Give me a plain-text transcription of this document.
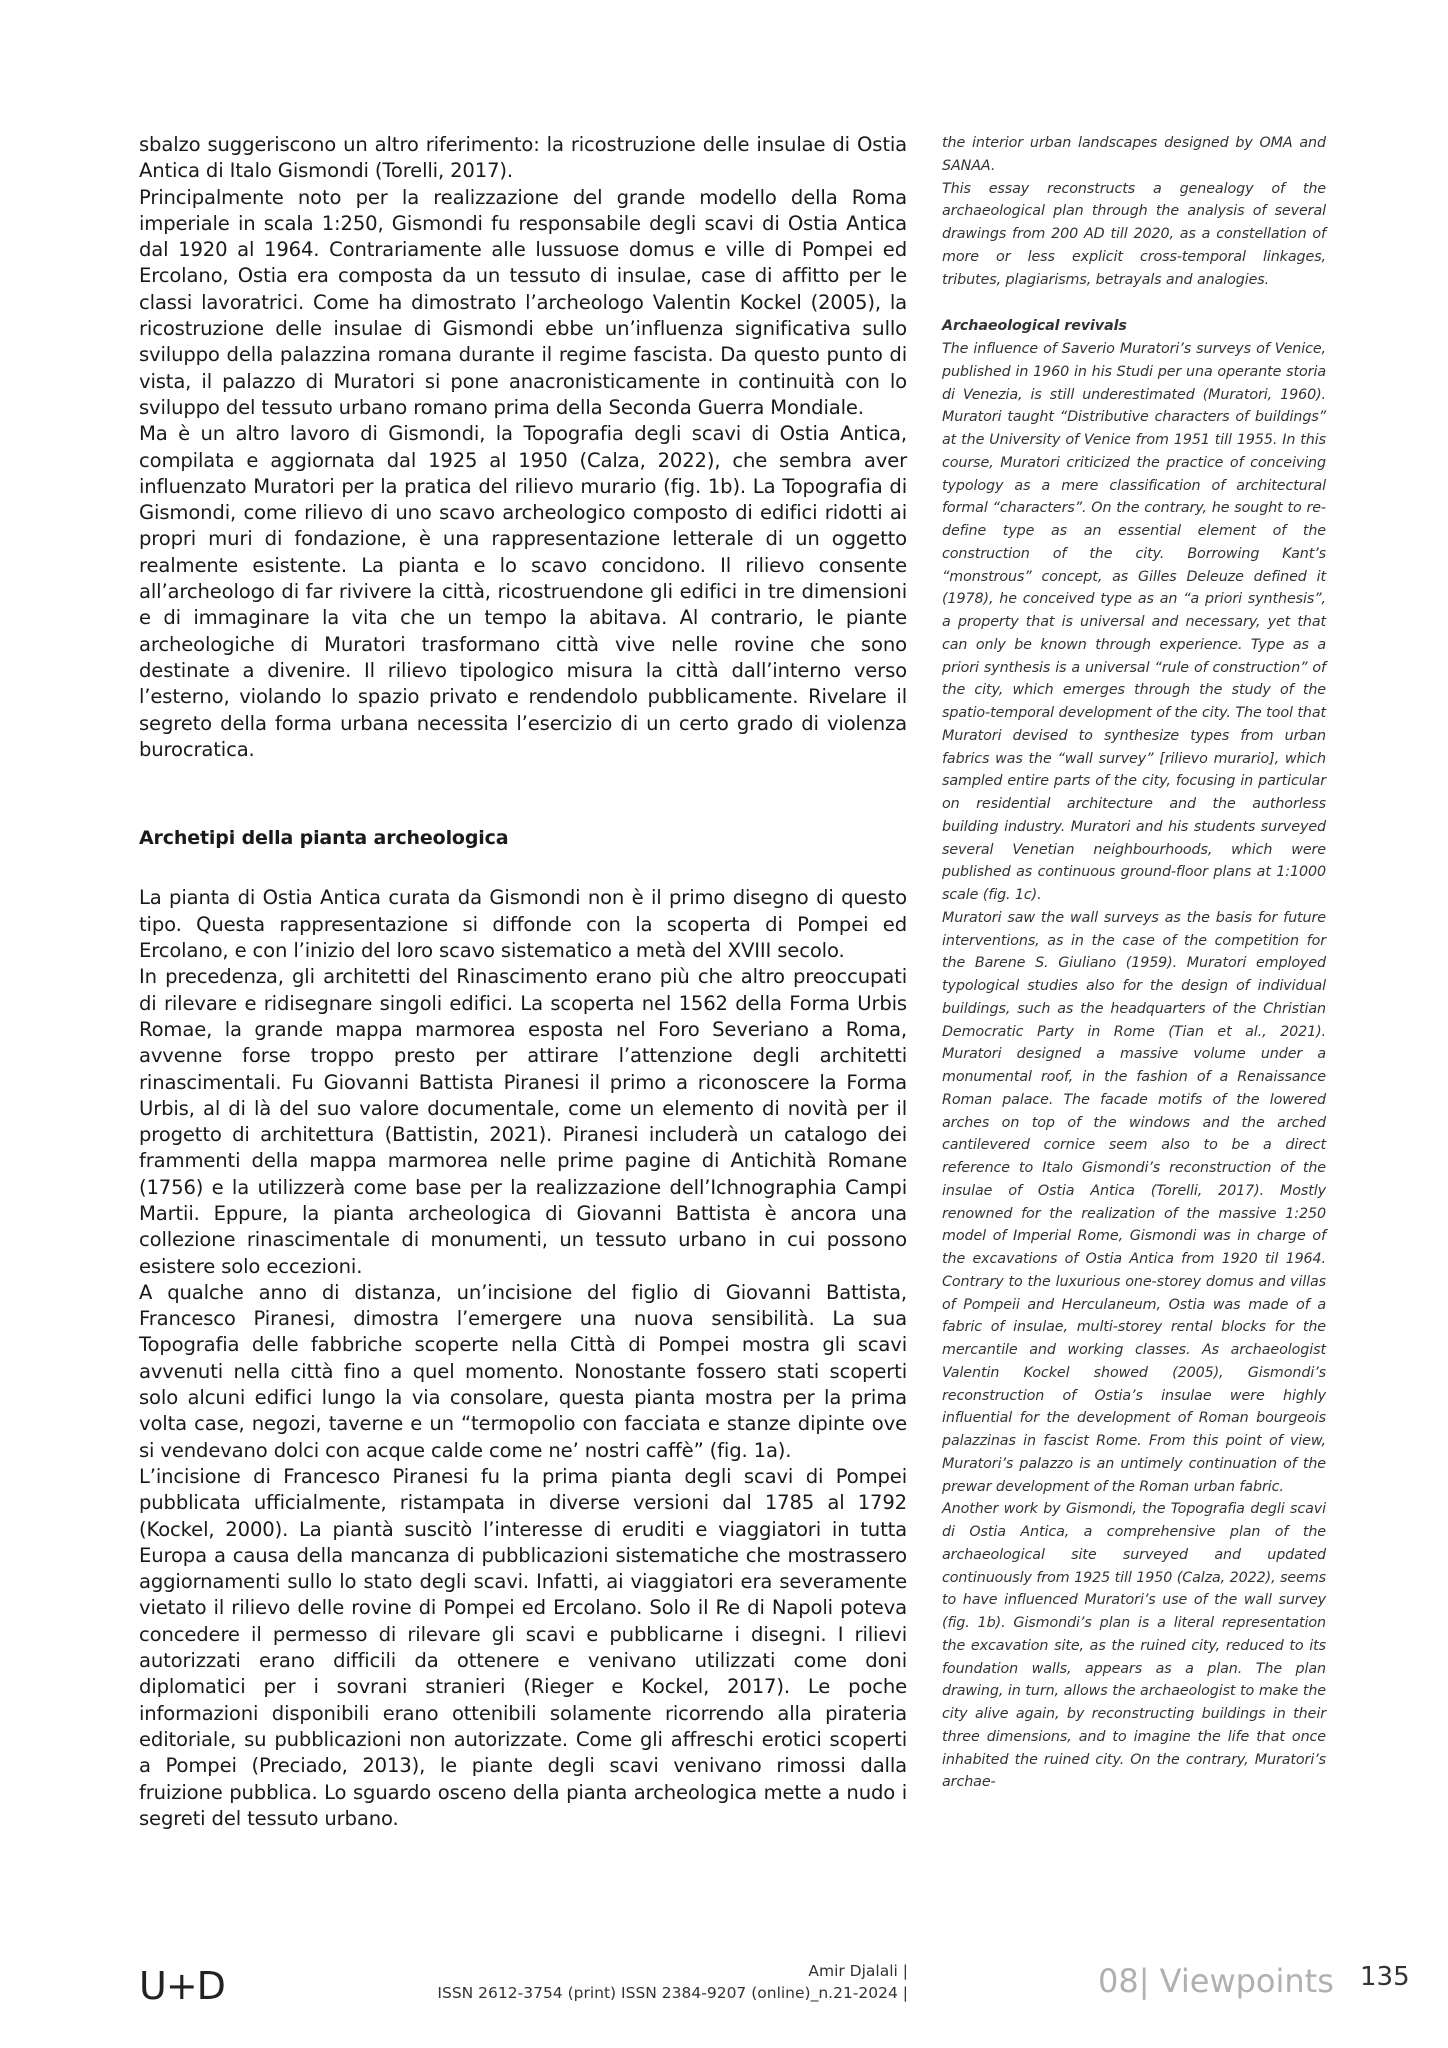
sbalzo suggeriscono un altro riferimento: la ricostruzione delle insulae di Ostia Antica di Italo Gismondi (Torelli, 2017).

Principalmente noto per la realizzazione del grande modello della Roma imperiale in scala 1:250, Gismondi fu responsabile degli scavi di Ostia Antica dal 1920 al 1964. Contrariamente alle lussuose domus e ville di Pompei ed Ercolano, Ostia era composta da un tessuto di insulae, case di affitto per le classi lavoratrici. Come ha dimostrato l’archeologo Valentin Kockel (2005), la ricostruzione delle insulae di Gismondi ebbe un’influenza significativa sullo sviluppo della palazzina romana durante il regime fascista. Da questo punto di vista, il palazzo di Muratori si pone anacronisticamente in continuità con lo sviluppo del tessuto urbano romano prima della Seconda Guerra Mondiale.

Ma è un altro lavoro di Gismondi, la Topografia degli scavi di Ostia Antica, compilata e aggiornata dal 1925 al 1950 (Calza, 2022), che sembra aver influenzato Muratori per la pratica del rilievo murario (fig. 1b). La Topografia di Gismondi, come rilievo di uno scavo archeologico composto di edifici ridotti ai propri muri di fondazione, è una rappresentazione letterale di un oggetto realmente esistente. La pianta e lo scavo concidono. Il rilievo consente all’archeologo di far rivivere la città, ricostruendone gli edifici in tre dimensioni e di immaginare la vita che un tempo la abitava. Al contrario, le piante archeologiche di Muratori trasformano città vive nelle rovine che sono destinate a divenire. Il rilievo tipologico misura la città dall’interno verso l’esterno, violando lo spazio privato e rendendolo pubblicamente. Rivelare il segreto della forma urbana necessita l’esercizio di un certo grado di violenza burocratica.

Archetipi della pianta archeologica

La pianta di Ostia Antica curata da Gismondi non è il primo disegno di questo tipo. Questa rappresentazione si diffonde con la scoperta di Pompei ed Ercolano, e con l’inizio del loro scavo sistematico a metà del XVIII secolo.

In precedenza, gli architetti del Rinascimento erano più che altro preoccupati di rilevare e ridisegnare singoli edifici. La scoperta nel 1562 della Forma Urbis Romae, la grande mappa marmorea esposta nel Foro Severiano a Roma, avvenne forse troppo presto per attirare l’attenzione degli architetti rinascimentali. Fu Giovanni Battista Piranesi il primo a riconoscere la Forma Urbis, al di là del suo valore documentale, come un elemento di novità per il progetto di architettura (Battistin, 2021). Piranesi includerà un catalogo dei frammenti della mappa marmorea nelle prime pagine di Antichità Romane (1756) e la utilizzerà come base per la realizzazione dell’Ichnographia Campi Martii. Eppure, la pianta archeologica di Giovanni Battista è ancora una collezione rinascimentale di monumenti, un tessuto urbano in cui possono esistere solo eccezioni.

A qualche anno di distanza, un’incisione del figlio di Giovanni Battista, Francesco Piranesi, dimostra l’emergere una nuova sensibilità. La sua Topografia delle fabbriche scoperte nella Città di Pompei mostra gli scavi avvenuti nella città fino a quel momento. Nonostante fossero stati scoperti solo alcuni edifici lungo la via consolare, questa pianta mostra per la prima volta case, negozi, taverne e un “termopolio con facciata e stanze dipinte ove si vendevano dolci con acque calde come ne’ nostri caffè” (fig. 1a).

L’incisione di Francesco Piranesi fu la prima pianta degli scavi di Pompei pubblicata ufficialmente, ristampata in diverse versioni dal 1785 al 1792 (Kockel, 2000). La piantà suscitò l’interesse di eruditi e viaggiatori in tutta Europa a causa della mancanza di pubblicazioni sistematiche che mostrassero aggiornamenti sullo lo stato degli scavi. Infatti, ai viaggiatori era severamente vietato il rilievo delle rovine di Pompei ed Ercolano. Solo il Re di Napoli poteva concedere il permesso di rilevare gli scavi e pubblicarne i disegni. I rilievi autorizzati erano difficili da ottenere e venivano utilizzati come doni diplomatici per i sovrani stranieri (Rieger e Kockel, 2017). Le poche informazioni disponibili erano ottenibili solamente ricorrendo alla pirateria editoriale, su pubblicazioni non autorizzate. Come gli affreschi erotici scoperti a Pompei (Preciado, 2013), le piante degli scavi venivano rimossi dalla fruizione pubblica. Lo sguardo osceno della pianta archeologica mette a nudo i segreti del tessuto urbano.

the interior urban landscapes designed by OMA and SANAA.

This essay reconstructs a genealogy of the archaeological plan through the analysis of several drawings from 200 AD till 2020, as a constellation of more or less explicit cross-temporal linkages, tributes, plagiarisms, betrayals and analogies.

Archaeological revivals

The influence of Saverio Muratori’s surveys of Venice, published in 1960 in his Studi per una operante storia di Venezia, is still underestimated (Muratori, 1960). Muratori taught “Distributive characters of buildings” at the University of Venice from 1951 till 1955. In this course, Muratori criticized the practice of conceiving typology as a mere classification of architectural formal “characters”. On the contrary, he sought to re-define type as an essential element of the construction of the city. Borrowing Kant’s “monstrous” concept, as Gilles Deleuze defined it (1978), he conceived type as an “a priori synthesis”, a property that is universal and necessary, yet that can only be known through experience. Type as a priori synthesis is a universal “rule of construction” of the city, which emerges through the study of the spatio-temporal development of the city. The tool that Muratori devised to synthesize types from urban fabrics was the “wall survey” [rilievo murario], which sampled entire parts of the city, focusing in particular on residential architecture and the authorless building industry. Muratori and his students surveyed several Venetian neighbourhoods, which were published as continuous ground-floor plans at 1:1000 scale (fig. 1c).

Muratori saw the wall surveys as the basis for future interventions, as in the case of the competition for the Barene S. Giuliano (1959). Muratori employed typological studies also for the design of individual buildings, such as the headquarters of the Christian Democratic Party in Rome (Tian et al., 2021). Muratori designed a massive volume under a monumental roof, in the fashion of a Renaissance Roman palace. The facade motifs of the lowered arches on top of the windows and the arched cantilevered cornice seem also to be a direct reference to Italo Gismondi’s reconstruction of the insulae of Ostia Antica (Torelli, 2017). Mostly renowned for the realization of the massive 1:250 model of Imperial Rome, Gismondi was in charge of the excavations of Ostia Antica from 1920 til 1964. Contrary to the luxurious one-storey domus and villas of Pompeii and Herculaneum, Ostia was made of a fabric of insulae, multi-storey rental blocks for the mercantile and working classes. As archaeologist Valentin Kockel showed (2005), Gismondi’s reconstruction of Ostia’s insulae were highly influential for the development of Roman bourgeois palazzinas in fascist Rome. From this point of view, Muratori’s palazzo is an untimely continuation of the prewar development of the Roman urban fabric.

Another work by Gismondi, the Topografia degli scavi di Ostia Antica, a comprehensive plan of the archaeological site surveyed and updated continuously from 1925 till 1950 (Calza, 2022), seems to have influenced Muratori’s use of the wall survey (fig. 1b). Gismondi’s plan is a literal representation the excavation site, as the ruined city, reduced to its foundation walls, appears as a plan. The plan drawing, in turn, allows the archaeologist to make the city alive again, by reconstructing buildings in their three dimensions, and to imagine the life that once inhabited the ruined city. On the contrary, Muratori’s archae-

U+D	Amir Djalali |
ISSN 2612-3754 (print) ISSN 2384-9207 (online)_n.21-2024 |	08| Viewpoints 135
